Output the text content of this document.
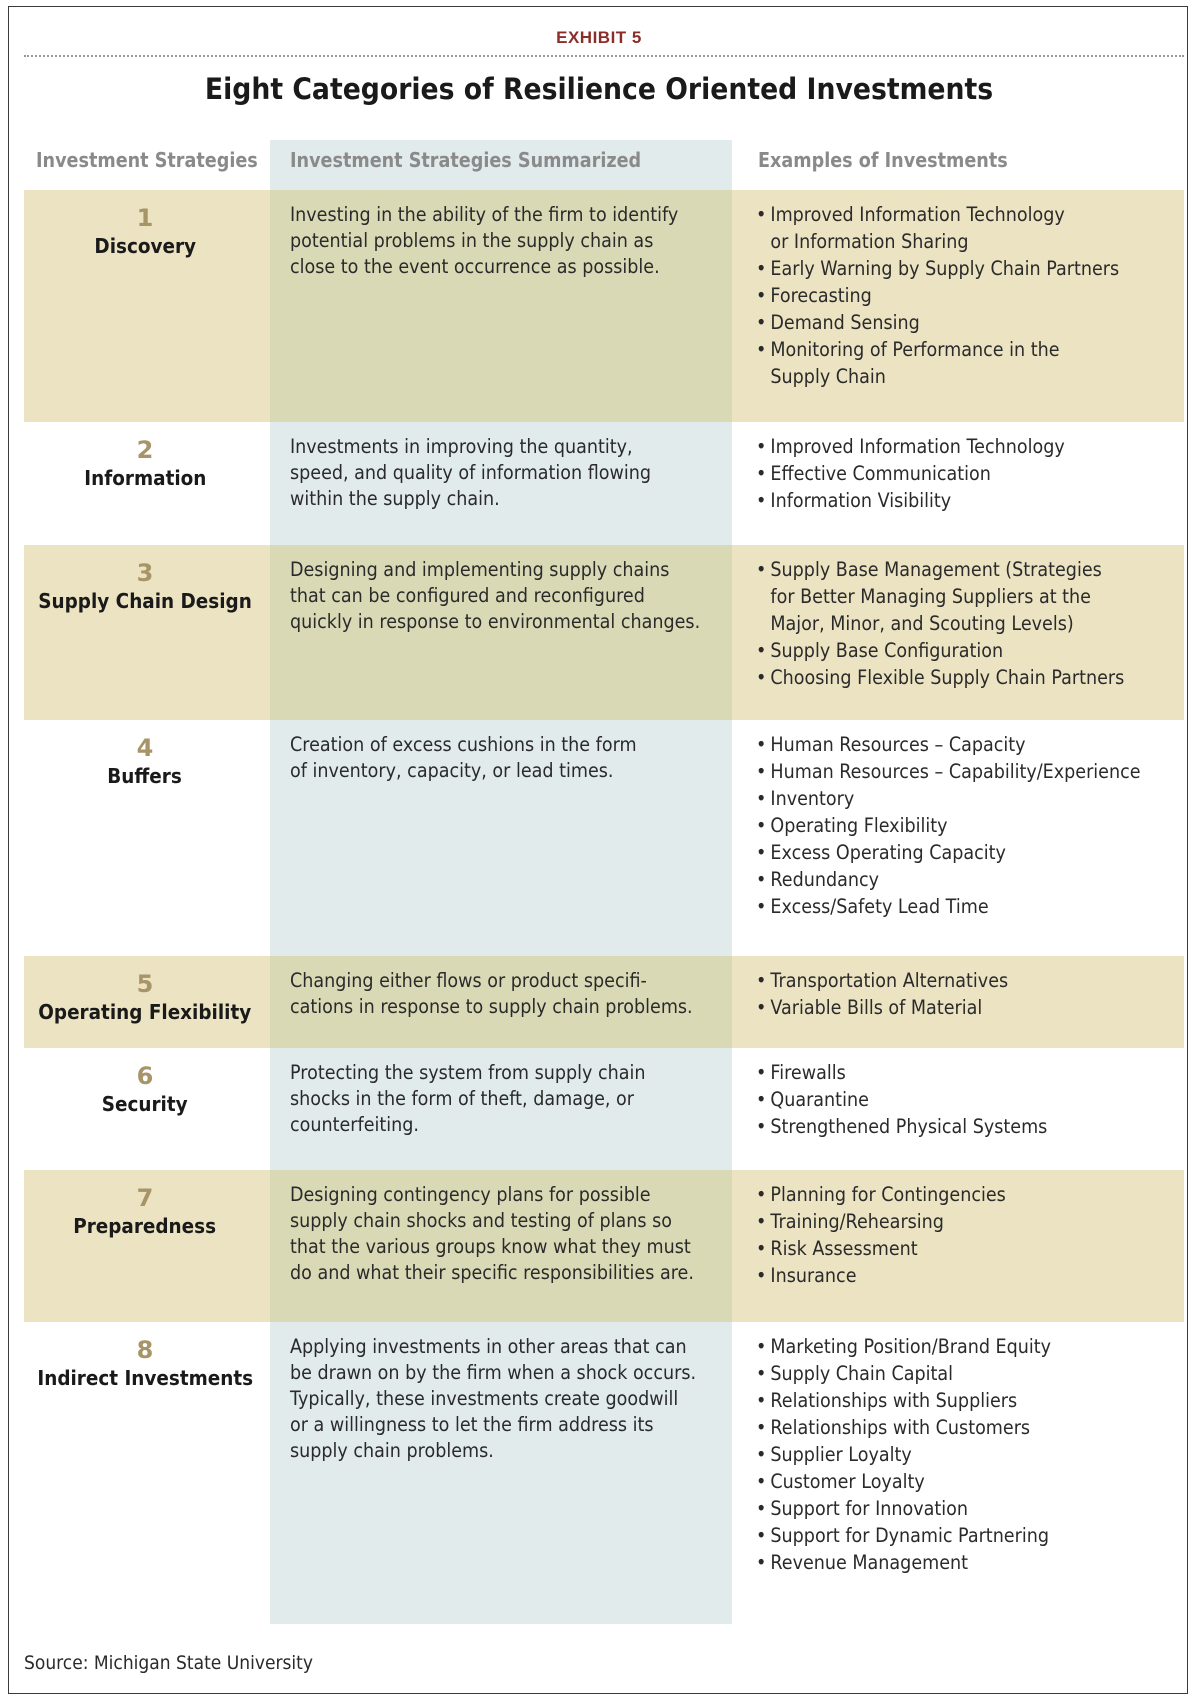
EXHIBIT 5
Eight Categories of Resilience Oriented Investments
Investment Strategies Investment Strategies Summarized	Examples of Investments
1
Discovery
Investing in the ability of the firm to identify
potential problems in the supply chain as
close to the event occurrence as possible.
• Improved Information Technology
or Information Sharing
• Early Warning by Supply Chain Partners
• Forecasting
• Demand Sensing
• Monitoring of Performance in the
Supply Chain
2
Information
Investments in improving the quantity,
speed, and quality of information flowing
within the supply chain.
• Improved Information Technology
• Effective Communication
• Information Visibility
3
Supply Chain Design
Designing and implementing supply chains
that can be configured and reconfigured
quickly in response to environmental changes.
• Supply Base Management (Strategies
for Better Managing Suppliers at the
Major, Minor, and Scouting Levels)
• Supply Base Configuration
• Choosing Flexible Supply Chain Partners
4
Buffers
Creation of excess cushions in the form
of inventory, capacity, or lead times.
• Human Resources – Capacity
• Human Resources – Capability/Experience
• Inventory
• Operating Flexibility
• Excess Operating Capacity
• Redundancy
• Excess/Safety Lead Time
5
Operating Flexibility
Changing either flows or product specifi-
cations in response to supply chain problems.
• Transportation Alternatives
• Variable Bills of Material
6
Security
Protecting the system from supply chain
shocks in the form of theft, damage, or
counterfeiting.
• Firewalls
• Quarantine
• Strengthened Physical Systems
7
Preparedness
Designing contingency plans for possible
supply chain shocks and testing of plans so
that the various groups know what they must
do and what their specific responsibilities are.
• Planning for Contingencies
• Training/Rehearsing
• Risk Assessment
• Insurance
8
Indirect Investments
Applying investments in other areas that can
be drawn on by the firm when a shock occurs.
Typically, these investments create goodwill
or a willingness to let the firm address its
supply chain problems.
• Marketing Position/Brand Equity
• Supply Chain Capital
• Relationships with Suppliers
• Relationships with Customers
• Supplier Loyalty
• Customer Loyalty
• Support for Innovation
• Support for Dynamic Partnering
• Revenue Management
Source: Michigan State University
